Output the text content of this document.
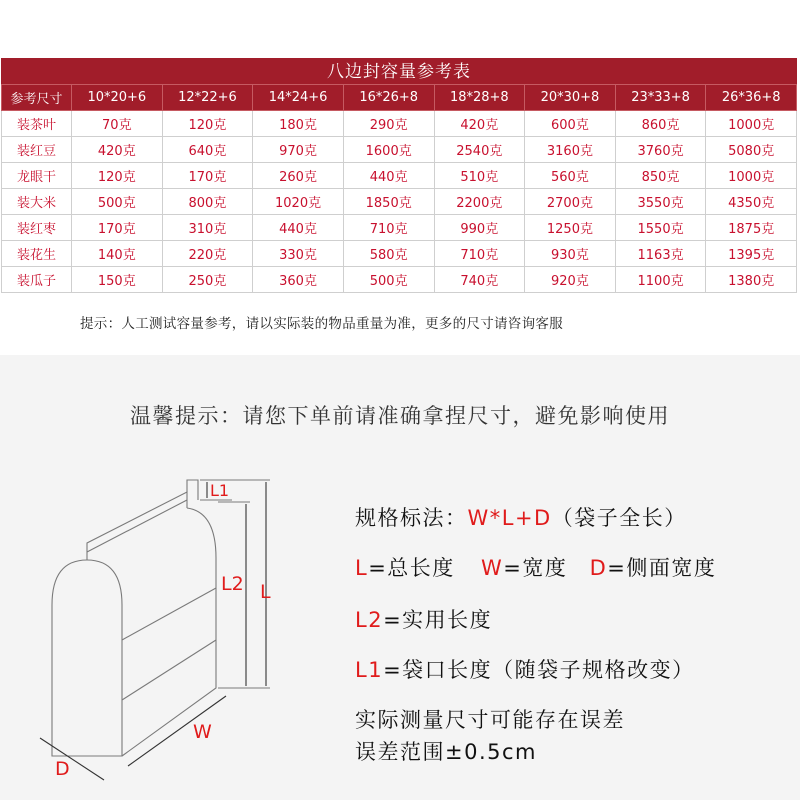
八边封容量参考表
参考尺寸	10*20+6	12*22+6	14*24+6	16*26+8	18*28+8	20*30+8	23*33+8	26*36+8
装茶叶	70克	120克	180克	290克	420克	600克	860克	1000克
装红豆	420克	640克	970克	1600克	2540克	3160克	3760克	5080克
龙眼干	120克	170克	260克	440克	510克	560克	850克	1000克
装大米	500克	800克	1020克	1850克	2200克	2700克	3550克	4350克
装红枣	170克	310克	440克	710克	990克	1250克	1550克	1875克
装花生	140克	220克	330克	580克	710克	930克	1163克	1395克
装瓜子	150克	250克	360克	500克	740克	920克	1100克	1380克
提示：人工测试容量参考，请以实际装的物品重量为准，更多的尺寸请咨询客服
温馨提示：请您下单前请准确拿捏尺寸，避免影响使用
L1
L2 L
W
D
规格标法：W*L+D（袋子全长）
L=总长度 W=宽度 D=侧面宽度
L2=实用长度
L1=袋口长度（随袋子规格改变）
实际测量尺寸可能存在误差
误差范围±0.5cm
